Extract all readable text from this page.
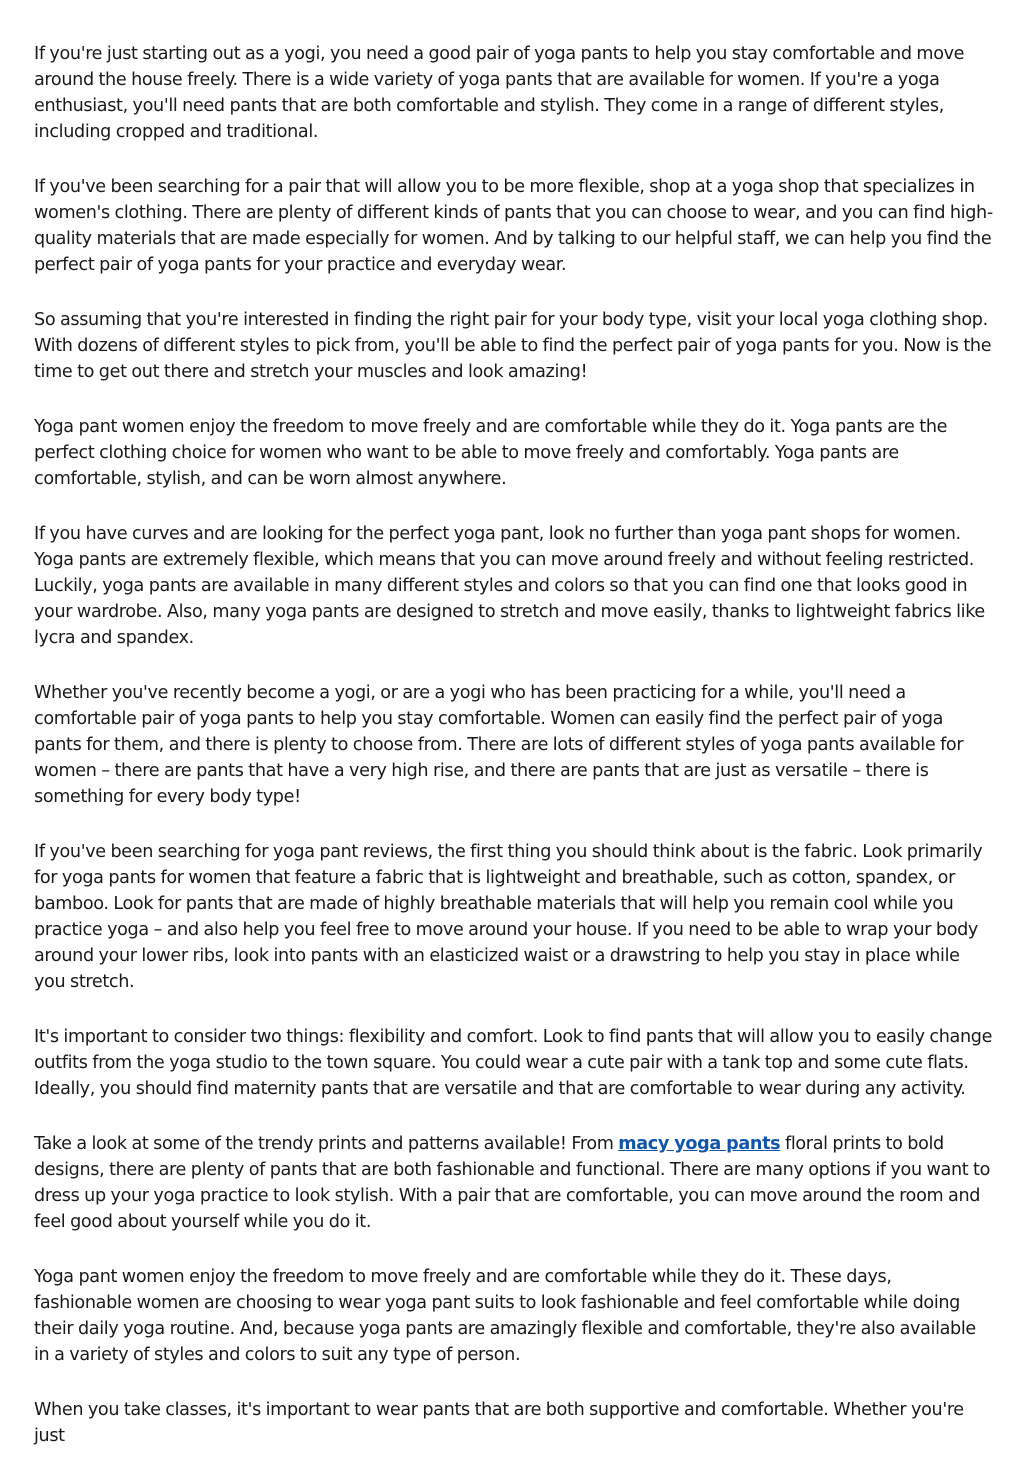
If you're just starting out as a yogi, you need a good pair of yoga pants to help you stay comfortable and move around the house freely. There is a wide variety of yoga pants that are available for women. If you're a yoga enthusiast, you'll need pants that are both comfortable and stylish. They come in a range of different styles, including cropped and traditional.

If you've been searching for a pair that will allow you to be more flexible, shop at a yoga shop that specializes in women's clothing. There are plenty of different kinds of pants that you can choose to wear, and you can find high-quality materials that are made especially for women. And by talking to our helpful staff, we can help you find the perfect pair of yoga pants for your practice and everyday wear.

So assuming that you're interested in finding the right pair for your body type, visit your local yoga clothing shop. With dozens of different styles to pick from, you'll be able to find the perfect pair of yoga pants for you. Now is the time to get out there and stretch your muscles and look amazing!

Yoga pant women enjoy the freedom to move freely and are comfortable while they do it. Yoga pants are the perfect clothing choice for women who want to be able to move freely and comfortably. Yoga pants are comfortable, stylish, and can be worn almost anywhere.

If you have curves and are looking for the perfect yoga pant, look no further than yoga pant shops for women. Yoga pants are extremely flexible, which means that you can move around freely and without feeling restricted. Luckily, yoga pants are available in many different styles and colors so that you can find one that looks good in your wardrobe. Also, many yoga pants are designed to stretch and move easily, thanks to lightweight fabrics like lycra and spandex.

Whether you've recently become a yogi, or are a yogi who has been practicing for a while, you'll need a comfortable pair of yoga pants to help you stay comfortable. Women can easily find the perfect pair of yoga pants for them, and there is plenty to choose from. There are lots of different styles of yoga pants available for women – there are pants that have a very high rise, and there are pants that are just as versatile – there is something for every body type!

If you've been searching for yoga pant reviews, the first thing you should think about is the fabric. Look primarily for yoga pants for women that feature a fabric that is lightweight and breathable, such as cotton, spandex, or bamboo. Look for pants that are made of highly breathable materials that will help you remain cool while you practice yoga – and also help you feel free to move around your house. If you need to be able to wrap your body around your lower ribs, look into pants with an elasticized waist or a drawstring to help you stay in place while you stretch.

It's important to consider two things: flexibility and comfort. Look to find pants that will allow you to easily change outfits from the yoga studio to the town square. You could wear a cute pair with a tank top and some cute flats. Ideally, you should find maternity pants that are versatile and that are comfortable to wear during any activity.

Take a look at some of the trendy prints and patterns available! From macy yoga pants floral prints to bold designs, there are plenty of pants that are both fashionable and functional. There are many options if you want to dress up your yoga practice to look stylish. With a pair that are comfortable, you can move around the room and feel good about yourself while you do it.

Yoga pant women enjoy the freedom to move freely and are comfortable while they do it. These days, fashionable women are choosing to wear yoga pant suits to look fashionable and feel comfortable while doing their daily yoga routine. And, because yoga pants are amazingly flexible and comfortable, they're also available in a variety of styles and colors to suit any type of person.

When you take classes, it's important to wear pants that are both supportive and comfortable. Whether you're just
